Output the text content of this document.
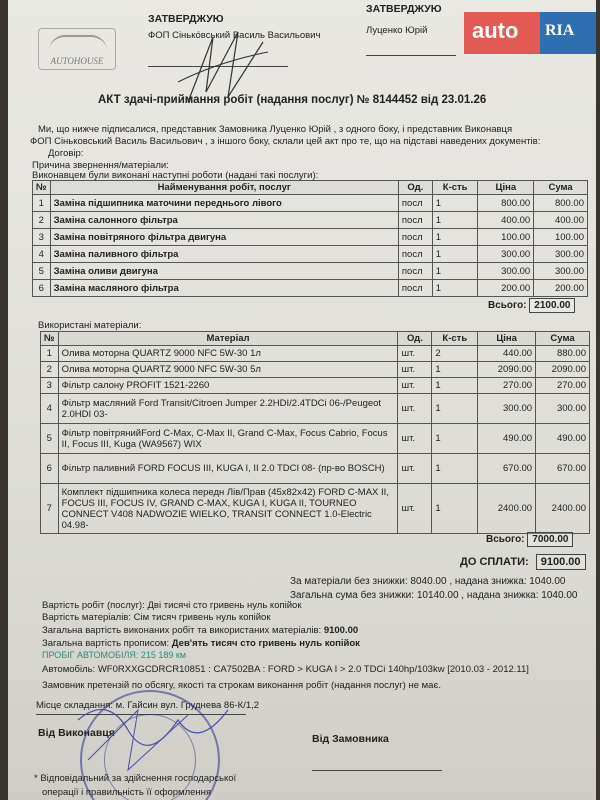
AUTOHOUSE
ЗАТВЕРДЖУЮ
ФОП Сінько́вський Василь Васильович
ЗАТВЕРДЖУЮ
Луценко Юрій	auto	RIA
АКТ здачі-приймання робіт (надання послуг) № 8144452 від 23.01.26
Ми, що нижче підписалися, представник Замовника Луценко Юрій , з одного боку, і представник Виконавця
ФОП Сіньковський Василь Васильович , з іншого боку, склали цей акт про те, що на підставі наведених документів:
Договір:
Причина звернення/матеріали:
Виконавцем були виконані наступні роботи (надані такі послуги):
№	Найменування робіт, послуг	Од.	К-сть	Ціна	Сума
1	Заміна підшипника маточини переднього лівого	посл	1	800.00	800.00
2	Заміна салонного фільтра	посл	1	400.00	400.00
3	Заміна повітряного фільтра двигуна	посл	1	100.00	100.00
4	Заміна паливного фільтра	посл	1	300.00	300.00
5	Заміна оливи двигуна	посл	1	300.00	300.00
6	Заміна масляного фільтра	посл	1	200.00	200.00
Всього: 2100.00
Використані матеріали:
№	Матеріал	Од.	К-сть	Ціна	Сума
1	Олива моторна QUARTZ 9000 NFC 5W-30 1л	шт.	2	440.00	880.00
2	Олива моторна QUARTZ 9000 NFC 5W-30 5л	шт.	1	2090.00	2090.00
3	Фільтр салону PROFIT 1521-2260	шт.	1	270.00	270.00
4	Фільтр масляний Ford Transit/Citroen Jumper 2.2HDI/2.4TDCi 06-/Peugeot 2.0HDI 03-	шт.	1	300.00	300.00
5	Фільтр повітрянийFord C-Max, C-Max II, Grand C-Max, Focus Cabrio, Focus II, Focus III, Kuga (WA9567) WIX	шт.	1	490.00	490.00
6	Фільтр паливний FORD FOCUS III, KUGA I, II 2.0 TDCI 08- (пр-во BOSCH)	шт.	1	670.00	670.00
7	Комплект підшипника колеса передн Лів/Прав (45x82x42) FORD C-MAX II, FOCUS III, FOCUS IV, GRAND C-MAX, KUGA I, KUGA II, TOURNEO CONNECT V408 NADWOZIE WIELKO, TRANSIT CONNECT 1.0-Electric 04.98-	шт.	1	2400.00	2400.00
Всього: 7000.00
ДО СПЛАТИ: 9100.00
За матеріали без знижки: 8040.00 , надана знижка: 1040.00
Загальна сума без знижки: 10140.00 , надана знижка: 1040.00
Вартість робіт (послуг): Дві тисячі сто гривень нуль копійок
Вартість матеріалів: Сім тисяч гривень нуль копійок
Загальна вартість виконаних робіт та використаних матеріалів: 9100.00
Загальна вартість прописом: Дев'ять тисяч сто гривень нуль копійок
ПРОБІГ АВТОМОБІЛЯ: 215 189 км
Автомобіль: WF0RXXGCDRCR10851 : CA7502BA : FORD > KUGA I > 2.0 TDCi 140hp/103kw [2010.03 - 2012.11]
Замовник претензій по обсягу, якості та строкам виконання робіт (надання послуг) не має.
Місце складання: м. Гайсин вул. Груднева 86-К/1,2
Від Виконавця	Від Замовника
* Відповідальний за здійснення господарської
операції і правильність її оформлення
